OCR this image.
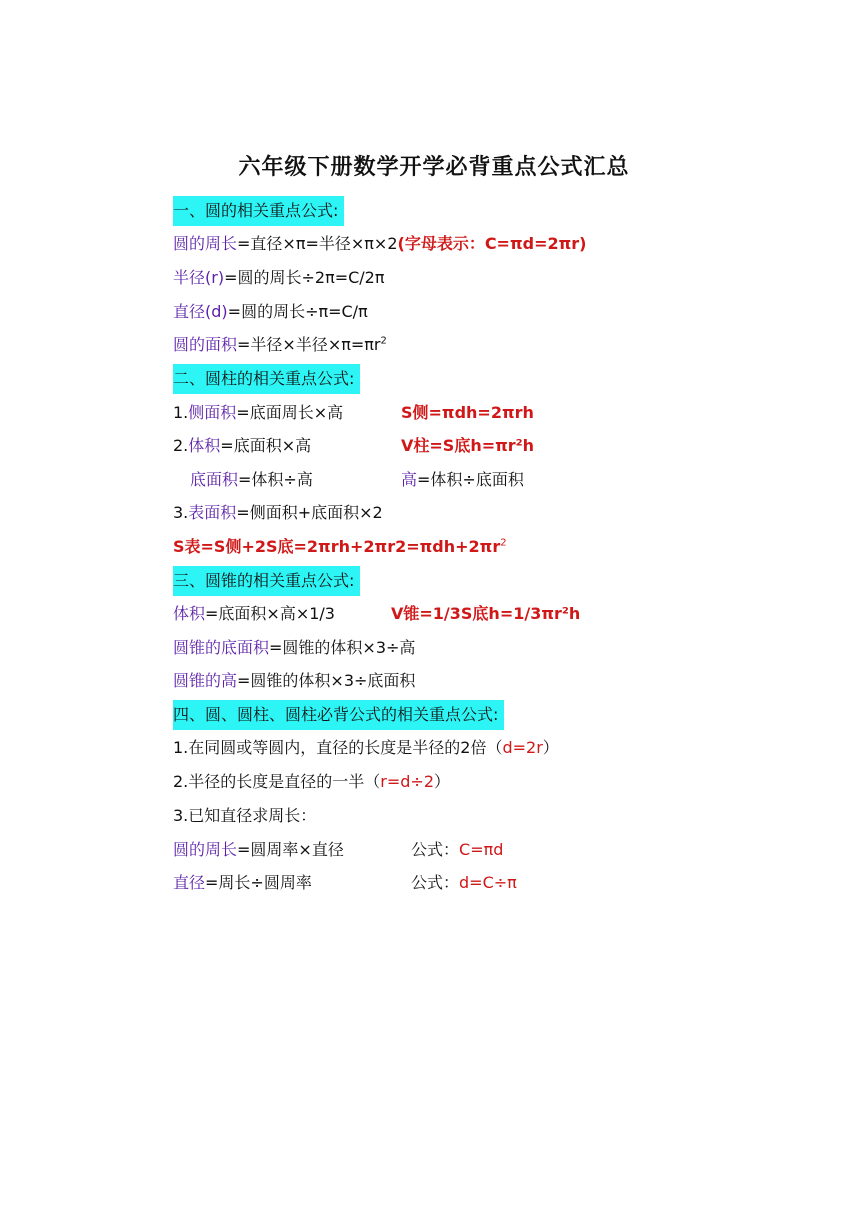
六年级下册数学开学必背重点公式汇总
一、圆的相关重点公式:
圆的周长=直径×π=半径×π×2(字母表示：C=πd=2πr)
半径(r)=圆的周长÷2π=C/2π
直径(d)=圆的周长÷π=C/π
圆的面积=半径×半径$\times\pi=\pi r^2$
二、圆柱的相关重点公式:
1.侧面积=底面周长×高	S侧=πdh=2πrh
2.体积=底面积×高	V柱=S底h=πr²h
底面积=体积÷高	高=体积÷底面积
3.表面积=侧面积+底面积×2
S表=S侧+2S底$=2\pi rh+2\pi r2=\pi dh+2\pi r^2$
三、圆锥的相关重点公式:
体积=底面积×高×1/3	V锥=1/3S底h=1/3πr²h
圆锥的底面积=圆锥的体积×3÷高
圆锥的高=圆锥的体积×3÷底面积
四、圆、圆柱、圆柱必背公式的相关重点公式:
1.在同圆或等圆内，直径的长度是半径的2倍（d=2r）
2.半径的长度是直径的一半（r=d÷2）
3.已知直径求周长：
圆的周长=圆周率×直径	公式：C=πd
直径=周长÷圆周率	公式：d=C÷π
